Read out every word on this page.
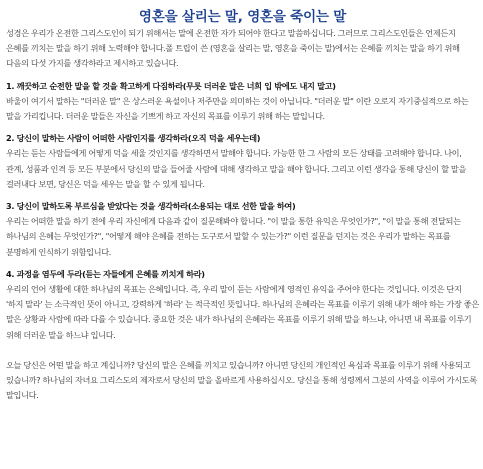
영혼을 살리는 말, 영혼을 죽이는 말

성경은 우리가 온전한 그리스도인이 되기 위해서는 말에 온전한 자가 되어야 한다고 말씀하십니다. 그러므로 그리스도인들은 언제든지 은혜를 끼치는 말을 하기 위해 노력해야 합니다.폴 트립이 쓴 (영혼을 살리는 말, 영혼을 죽이는 말)에서는 은혜를 끼치는 말을 하기 위해 다음의 다섯 가지를 생각하라고 제시하고 있습니다.

1. 깨끗하고 순전한 말을 할 것을 확고하게 다짐하라(무릇 더러운 말은 너희 입 밖에도 내지 말고)

바울이 여기서 말하는 "더러운 말" 은 상스러운 욕설이나 저주만을 의미하는 것이 아닙니다. "더러운 말" 이란 오로지 자기중심적으로 하는 말을 가리킵니다. 더러운 말들은 자신을 기쁘게 하고 자신의 목표를 이루기 위해 하는 말입니다.

2. 당신이 말하는 사람이 어떠한 사람인지를 생각하라(오직 덕을 세우는데)

우리는 듣는 사람들에게 어떻게 덕을 세울 것인지를 생각하면서 말해야 합니다. 가능한 한 그 사람의 모든 상태를 고려해야 합니다. 나이, 관계, 성품과 인격 등 모든 부분에서 당신의 말을 들어줄 사람에 대해 생각하고 말을 해야 합니다. 그리고 이런 생각을 통해 당신이 할 말을 걸러내다 보면, 당신은 덕을 세우는 말을 할 수 있게 됩니다.

3. 당신이 말하도록 부르심을 받았다는 것을 생각하라(소용되는 대로 선한 말을 하여)

우리는 어떠한 말을 하기 전에 우리 자신에게 다음과 같이 질문해봐야 합니다. "이 말을 통한 유익은 무엇인가?", "이 말을 통해 전달되는 하나님의 은혜는 무엇인가?", "어떻게 해야 은혜를 전하는 도구로서 말할 수 있는가?" 이런 질문을 던지는 것은 우리가 말하는 목표를 분명하게 인식하기 위함입니다.

4. 과정을 염두에 두라(듣는 자들에게 은혜를 끼치게 하라)

우리의 언어 생활에 대한 하나님의 목표는 은혜입니다. 즉, 우리 말이 듣는 사람에게 영적인 유익을 주어야 한다는 것입니다. 이것은 단지 '하지 말라' 는 소극적인 뜻이 아니고, 강력하게 '하라' 는 적극적인 뜻입니다. 하나님의 은혜라는 목표를 이루기 위해 내가 해야 하는 가장 좋은 말은 상황과 사람에 따라 다를 수 있습니다. 중요한 것은 내가 하나님의 은혜라는 목표를 이루기 위해 말을 하느냐, 아니면 내 목표를 이루기 위해 더러운 말을 하느냐 입니다.

오늘 당신은 어떤 말을 하고 계십니까? 당신의 말은 은혜를 끼치고 있습니까? 아니면 당신의 개인적인 욕심과 목표를 이루기 위해 사용되고 있습니까? 하나님의 자녀요 그리스도의 제자로서 당신의 말을 올바르게 사용하십시오. 당신을 통해 성령께서 그분의 사역을 이루어 가시도록 말입니다.
